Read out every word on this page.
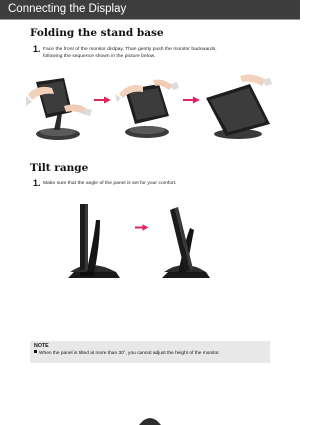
Connecting the Display
Folding the stand base
1. Face the front of the monitor dislpay. Than gently push the monitor backwards,
following the sequence shown in the picture below.
Tilt range
1. Make sure that the angle of the panel is set for your comfort.
NOTE
When the panel is tilted at more than 30˚, you cannot adjust the height of the monitor.
